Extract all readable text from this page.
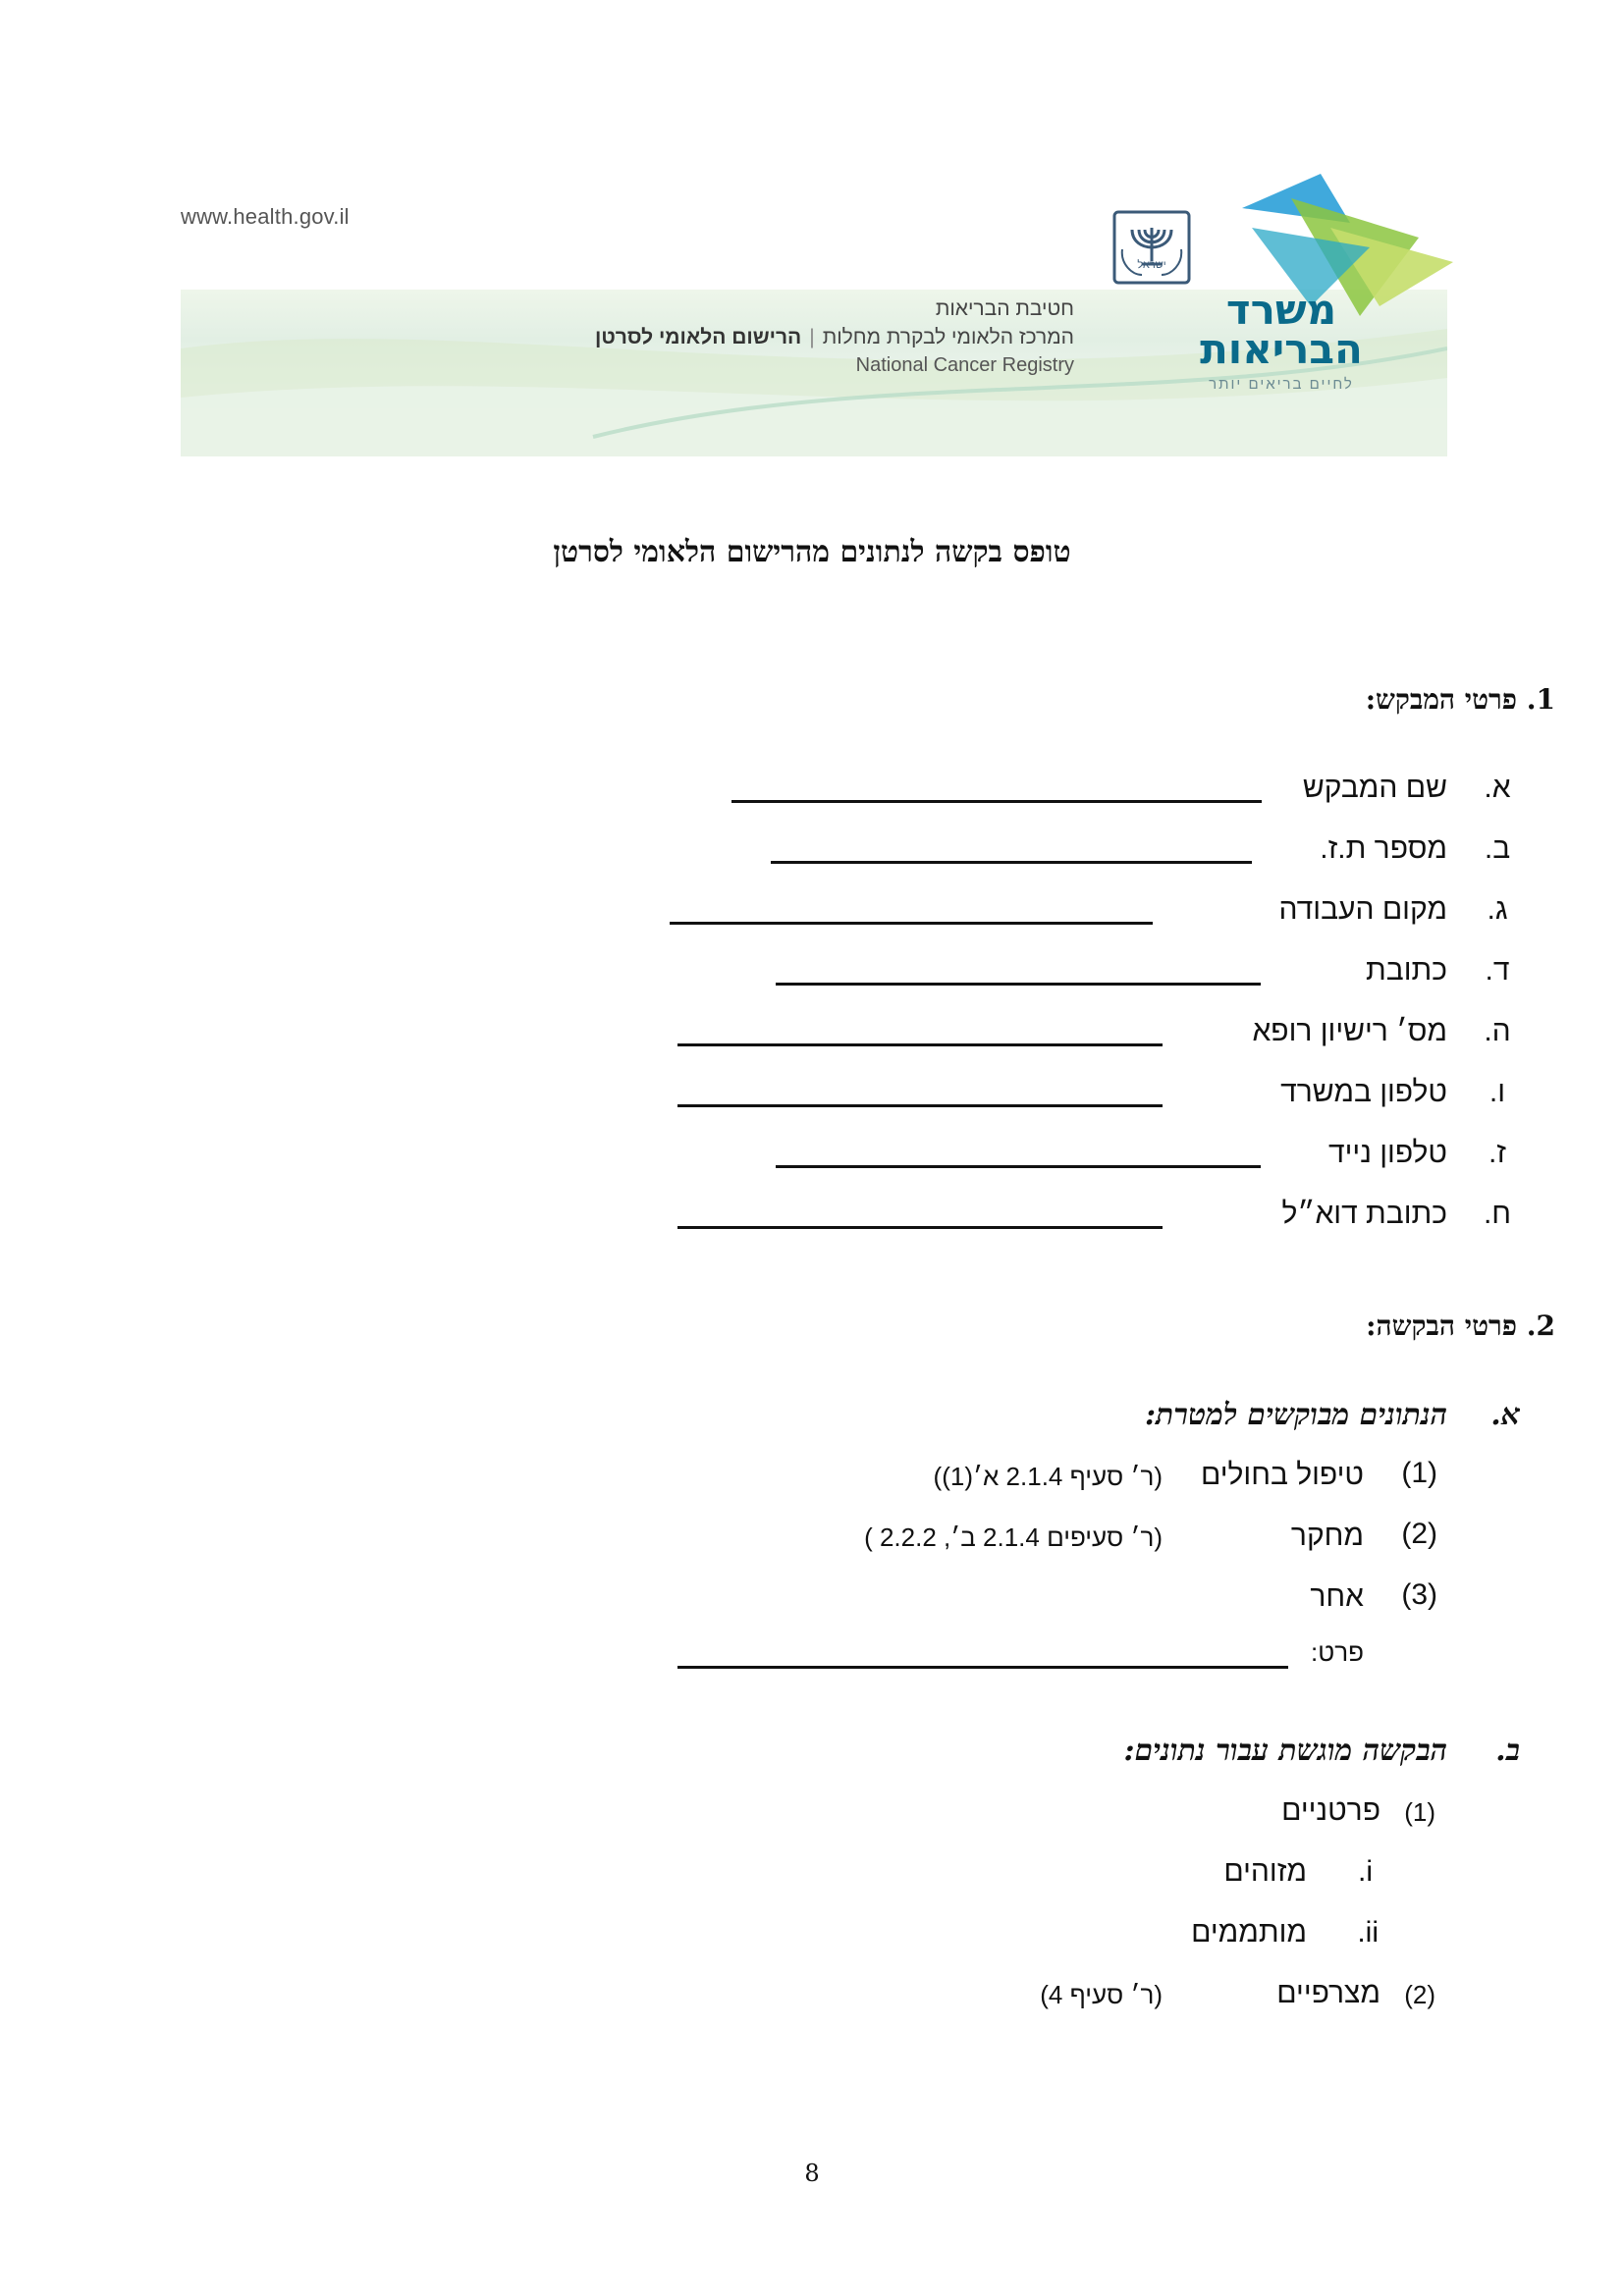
www.health.gov.il
חטיבת הבריאות
המרכז הלאומי לבקרת מחלות|הרישום הלאומי לסרטן
National Cancer Registry
ישראל
משרד
הבריאות
לחיים בריאים יותר
טופס בקשה לנתונים מהרישום הלאומי לסרטן
1. פרטי המבקש:
א.
שם המבקש
ב.
מספר ת.ז.
ג.
מקום העבודה
ד.
כתובת
ה.
מס׳ רישיון רופא
ו.
טלפון במשרד
ז.
טלפון נייד
ח.
כתובת דוא״ל
2. פרטי הבקשה:
א.
הנתונים מבוקשים למטרת:
(1)
טיפול בחולים
(ר׳ סעיף 2.1.4 א׳(1))
(2)
מחקר
(ר׳ סעיפים 2.1.4 ב׳, 2.2.2 )
(3)
אחר
פרט:
ב.
הבקשה מוגשת עבור נתונים:
(1)
פרטניים
i.
מזוהים
ii.
מותממים
(2)
מצרפיים
(ר׳ סעיף 4)
8
